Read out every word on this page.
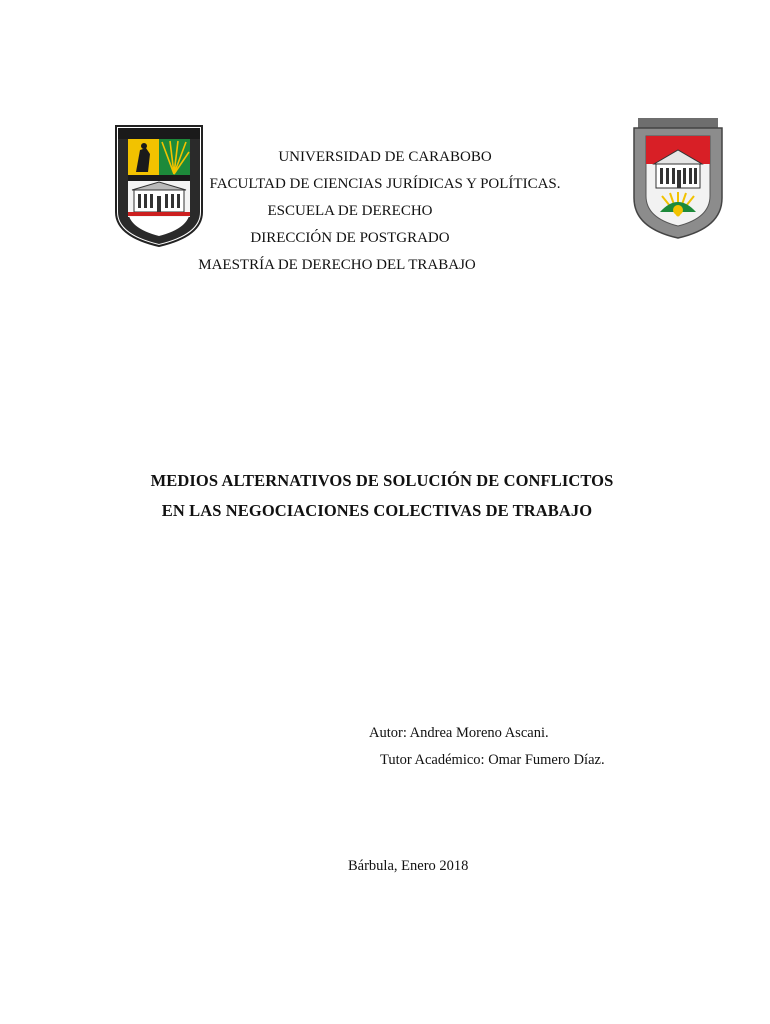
UNIVERSIDAD DE CARABOBO
FACULTAD DE CIENCIAS JURÍDICAS Y POLÍTICAS.
ESCUELA DE DERECHO
DIRECCIÓN DE POSTGRADO
MAESTRÍA DE DERECHO DEL TRABAJO
MEDIOS ALTERNATIVOS DE SOLUCIÓN DE CONFLICTOS
EN LAS NEGOCIACIONES COLECTIVAS DE TRABAJO
Autor: Andrea Moreno Ascani.
Tutor Académico: Omar Fumero Díaz.
Bárbula, Enero 2018
